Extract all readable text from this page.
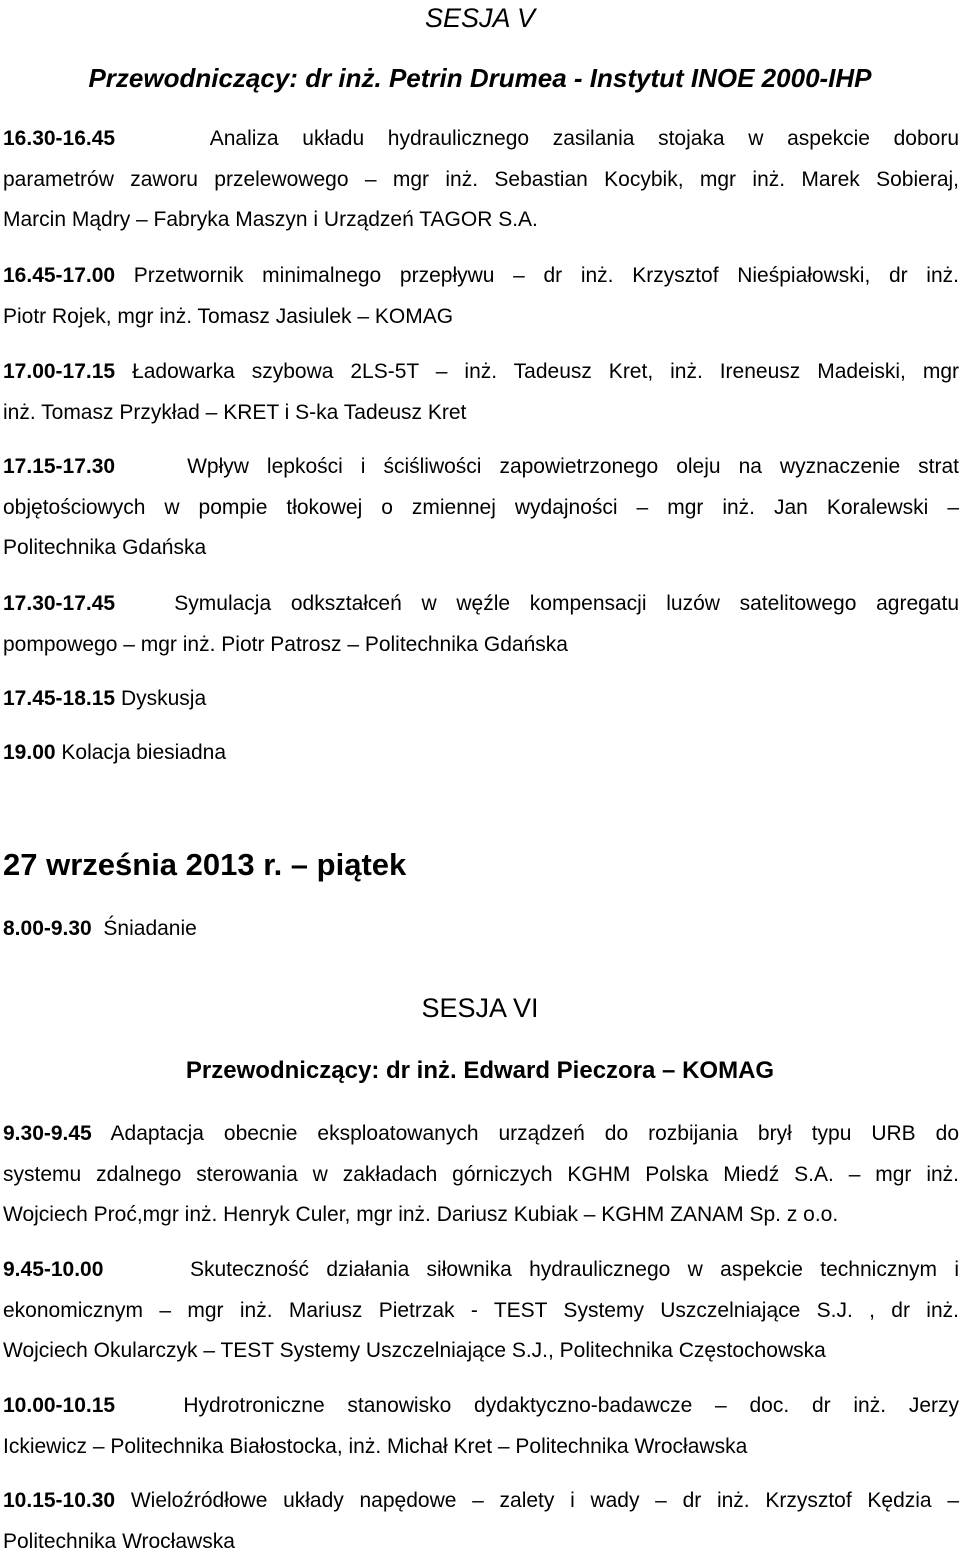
SESJA V
Przewodniczący: dr inż. Petrin Drumea - Instytut INOE 2000-IHP
16.30-16.45	Analiza układu hydraulicznego zasilania stojaka w aspekcie doboru
parametrów zaworu przelewowego – mgr inż. Sebastian Kocybik, mgr inż. Marek Sobieraj,
Marcin Mądry – Fabryka Maszyn i Urządzeń TAGOR S.A.
16.45-17.00 Przetwornik minimalnego przepływu – dr inż. Krzysztof Nieśpiałowski, dr inż.
Piotr Rojek, mgr inż. Tomasz Jasiulek – KOMAG
17.00-17.15 Ładowarka szybowa 2LS-5T – inż. Tadeusz Kret, inż. Ireneusz Madeiski, mgr
inż. Tomasz Przykład – KRET i S-ka Tadeusz Kret
17.15-17.30	Wpływ lepkości i ściśliwości zapowietrzonego oleju na wyznaczenie strat
objętościowych w pompie tłokowej o zmiennej wydajności – mgr inż. Jan Koralewski –
Politechnika Gdańska
17.30-17.45	Symulacja odkształceń w węźle kompensacji luzów satelitowego agregatu
pompowego – mgr inż. Piotr Patrosz – Politechnika Gdańska
17.45-18.15 Dyskusja
19.00 Kolacja biesiadna
27 września 2013 r. – piątek
8.00-9.30 Śniadanie
SESJA VI
Przewodniczący: dr inż. Edward Pieczora – KOMAG
9.30-9.45 Adaptacja obecnie eksploatowanych urządzeń do rozbijania brył typu URB do
systemu zdalnego sterowania w zakładach górniczych KGHM Polska Miedź S.A. – mgr inż.
Wojciech Proć,mgr inż. Henryk Culer, mgr inż. Dariusz Kubiak – KGHM ZANAM Sp. z o.o.
9.45-10.00	Skuteczność działania siłownika hydraulicznego w aspekcie technicznym i
ekonomicznym – mgr inż. Mariusz Pietrzak - TEST Systemy Uszczelniające S.J. , dr inż.
Wojciech Okularczyk – TEST Systemy Uszczelniające S.J., Politechnika Częstochowska
10.00-10.15	Hydrotroniczne stanowisko dydaktyczno-badawcze – doc. dr inż. Jerzy
Ickiewicz – Politechnika Białostocka, inż. Michał Kret – Politechnika Wrocławska
10.15-10.30 Wieloźródłowe układy napędowe – zalety i wady – dr inż. Krzysztof Kędzia –
Politechnika Wrocławska
